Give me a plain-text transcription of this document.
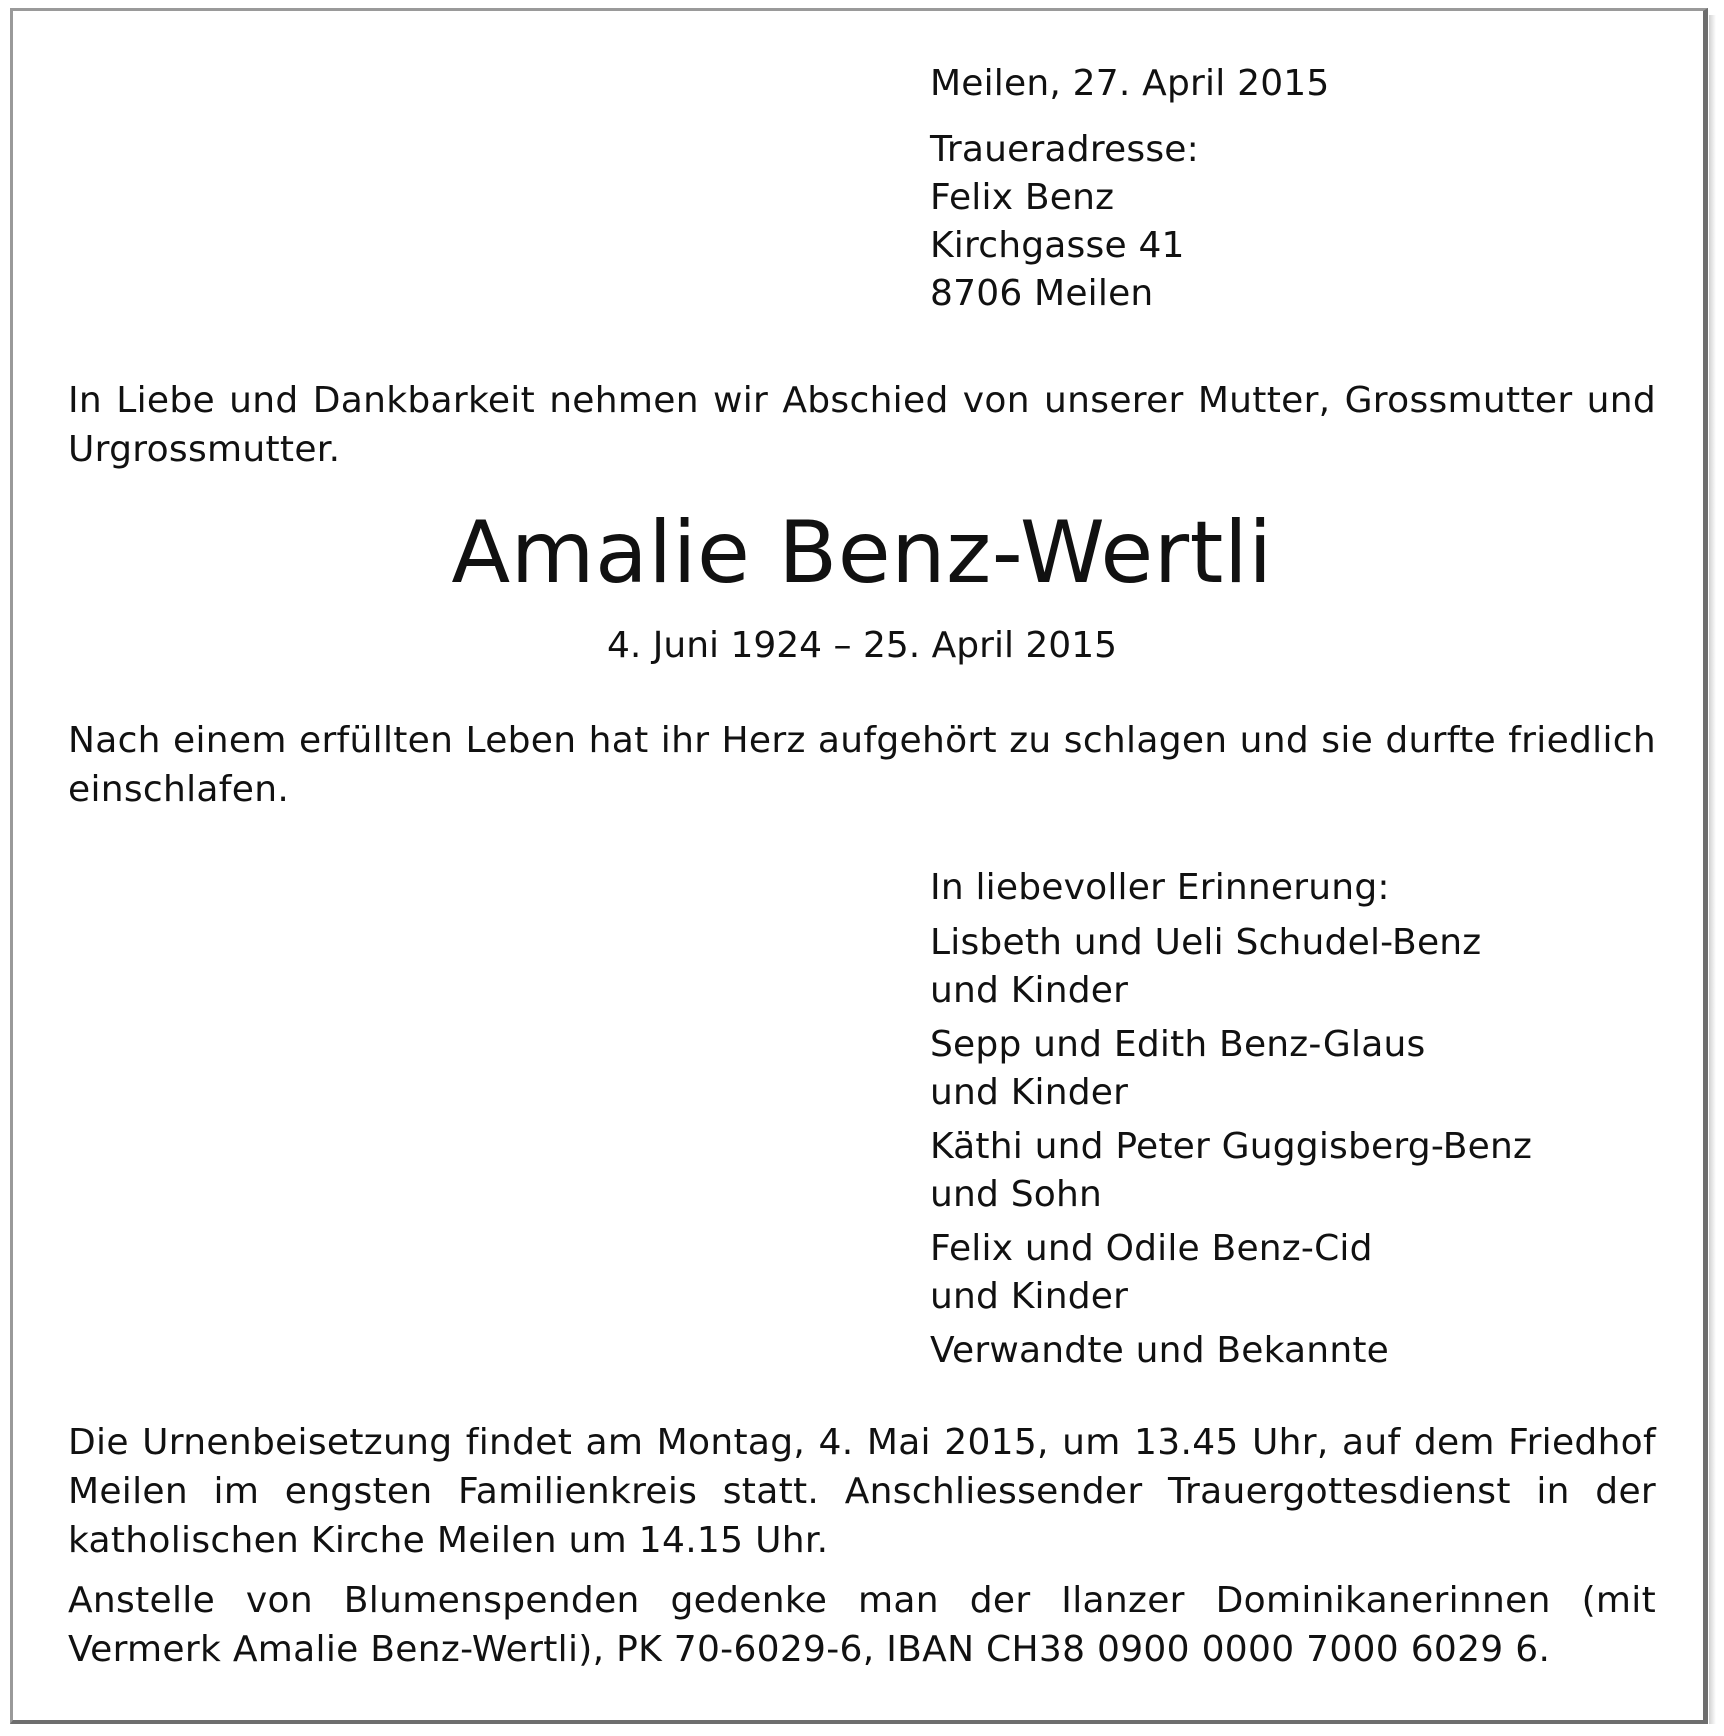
Meilen, 27. April 2015
Traueradresse:
Felix Benz
Kirchgasse 41
8706 Meilen
In Liebe und Dankbarkeit nehmen wir Abschied von unserer Mutter, Grossmutter und Urgrossmutter.
Amalie Benz-Wertli
4. Juni 1924 – 25. April 2015
Nach einem erfüllten Leben hat ihr Herz aufgehört zu schlagen und sie durfte friedlich einschlafen.
In liebevoller Erinnerung:
Lisbeth und Ueli Schudel-Benz
und Kinder
Sepp und Edith Benz-Glaus
und Kinder
Käthi und Peter Guggisberg-Benz
und Sohn
Felix und Odile Benz-Cid
und Kinder
Verwandte und Bekannte
Die Urnenbeisetzung findet am Montag, 4. Mai 2015, um 13.45 Uhr, auf dem Friedhof Meilen im engsten Familienkreis statt. Anschliessender Trauergottesdienst in der katholischen Kirche Meilen um 14.15 Uhr.
Anstelle von Blumenspenden gedenke man der Ilanzer Dominikanerinnen (mit Vermerk Amalie Benz-Wertli), PK 70-6029-6, IBAN CH38 0900 0000 7000 6029 6.
